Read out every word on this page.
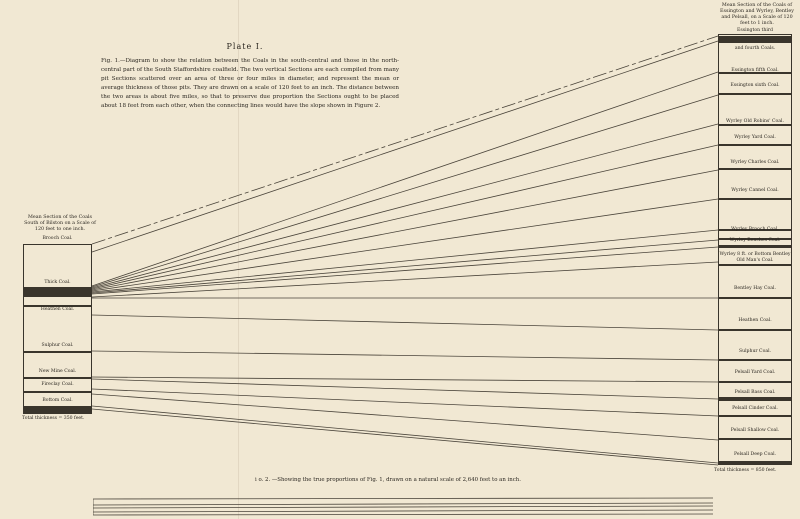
Plate I.
Fig. 1.—Diagram to show the relation between the Coals in the south-central and those in the north-central part of the South Staffordshire coalfield. The two vertical Sections are each compiled from many pit Sections scattered over an area of three or four miles in diameter, and represent the mean or average thickness of those pits. They are drawn on a scale of 120 feet to an inch. The distance between the two areas is about five miles, so that to preserve due proportion the Sections ought to be placed about 18 feet from each other, when the connecting lines would have the slope shown in Figure 2.
Mean Section of the Coals South of Bilston on a Scale of 120 feet to one inch.
Mean Section of the Coals of Essington and Wyrley, Bentley and Pelsall, on a Scale of 120 feet to 1 inch.
Brooch Coal.
Thick Coal.
Heathen Coal.
Sulphur Coal.
New Mine Coal.
Fireclay Coal.
Bottom Coal.
Total thickness = 350 feet.
Essington third
and fourth Coals.
Essington fifth Coal.
Essington sixth Coal.
Wyrley Old Robins' Coal.
Wyrley Yard Coal.
Wyrley Charles Coal.
Wyrley Cannel Coal.
Wyrley Brooch Coal.
Wyrley Benches Coal.
Wyrley 8 ft. or Bottom Bentley Old Man's Coal.
Bentley Hay Coal.
Heathen Coal.
Sulphur Coal.
Pelsall Yard Coal.
Pelsall Bass Coal.
Pelsall Cinder Coal.
Pelsall Shallow Coal.
Pelsall Deep Coal.
Total thickness = 850 feet.
i o. 2. —Showing the true proportions of Fig. 1, drawn on a natural scale of 2,640 feet to an inch.
